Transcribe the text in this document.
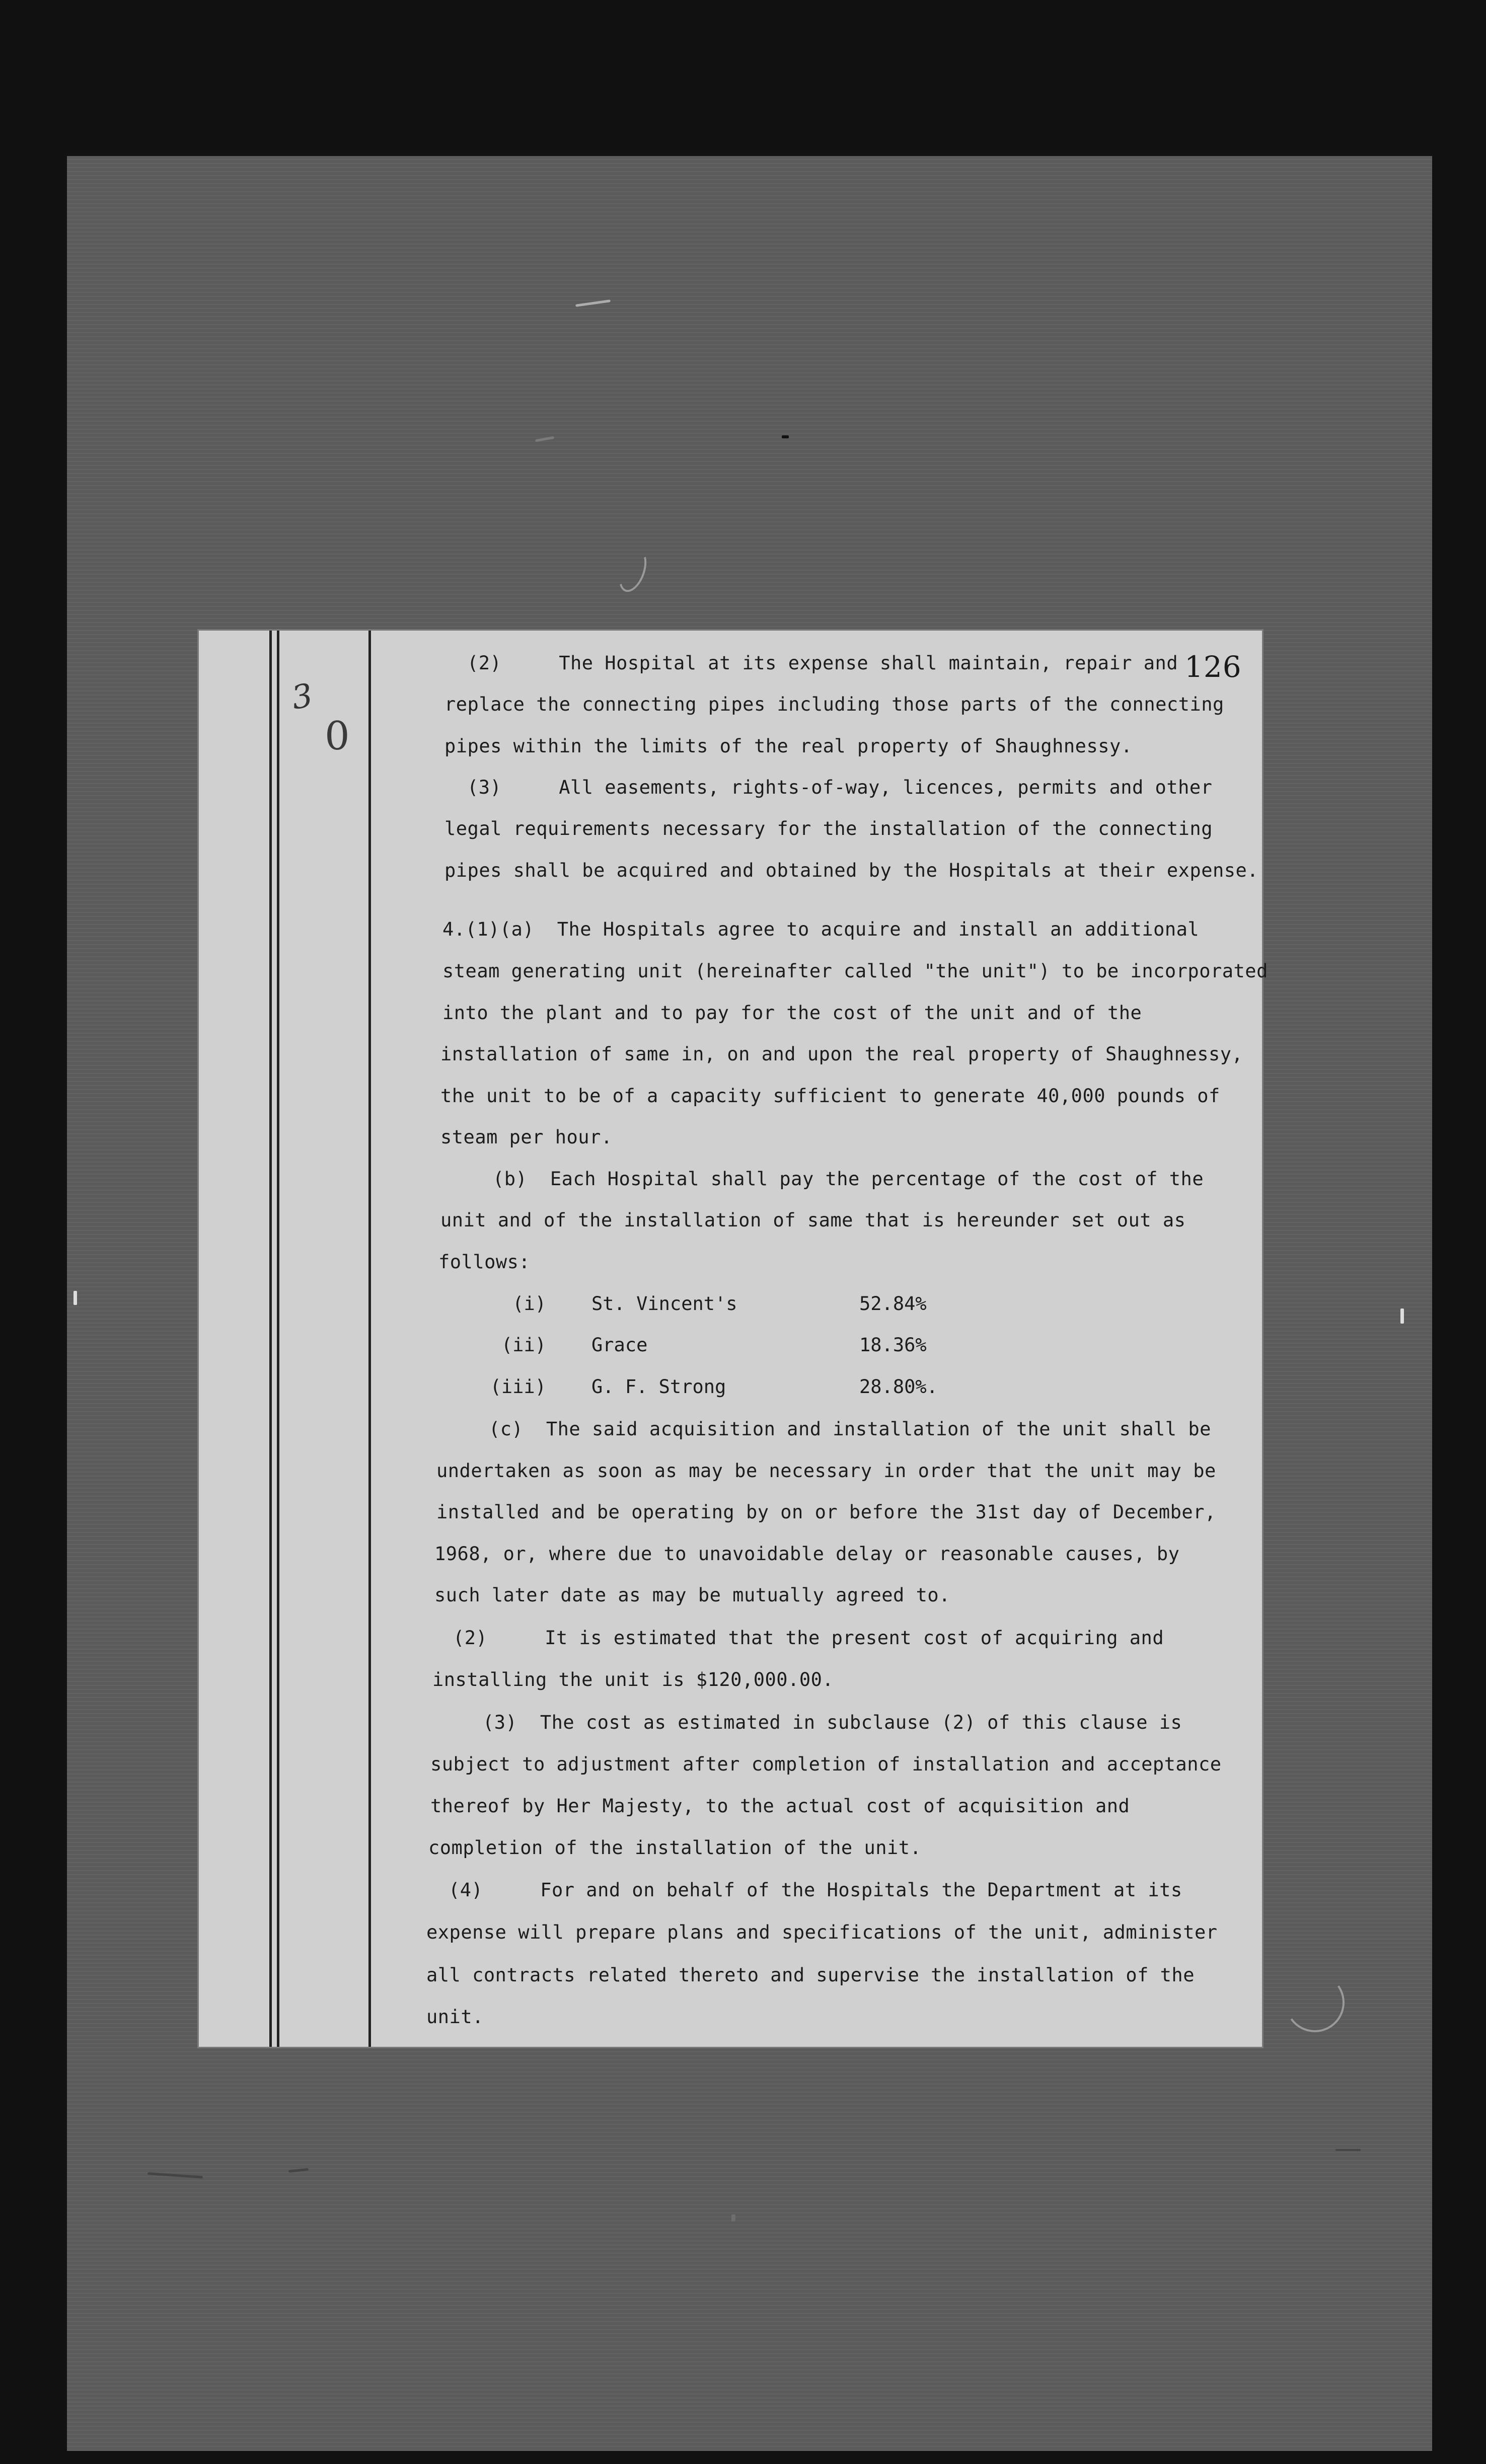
3
0
126
(2)     The Hospital at its expense shall maintain, repair and
replace the connecting pipes including those parts of the connecting
pipes within the limits of the real property of Shaughnessy.
(3)     All easements, rights-of-way, licences, permits and other
legal requirements necessary for the installation of the connecting
pipes shall be acquired and obtained by the Hospitals at their expense.
4.(1)(a)  The Hospitals agree to acquire and install an additional
steam generating unit (hereinafter called "the unit") to be incorporated
into the plant and to pay for the cost of the unit and of the
installation of same in, on and upon the real property of Shaughnessy,
the unit to be of a capacity sufficient to generate 40,000 pounds of
steam per hour.
(b)  Each Hospital shall pay the percentage of the cost of the
unit and of the installation of same that is hereunder set out as
follows:
(i) St. Vincent's	52.84%
(ii) Grace	18.36%
(iii) G. F. Strong	28.80%.
(c)  The said acquisition and installation of the unit shall be
undertaken as soon as may be necessary in order that the unit may be
installed and be operating by on or before the 31st day of December,
1968, or, where due to unavoidable delay or reasonable causes, by
such later date as may be mutually agreed to.
(2)     It is estimated that the present cost of acquiring and
installing the unit is $120,000.00.
(3)  The cost as estimated in subclause (2) of this clause is
subject to adjustment after completion of installation and acceptance
thereof by Her Majesty, to the actual cost of acquisition and
completion of the installation of the unit.
(4)     For and on behalf of the Hospitals the Department at its
expense will prepare plans and specifications of the unit, administer
all contracts related thereto and supervise the installation of the
unit.
